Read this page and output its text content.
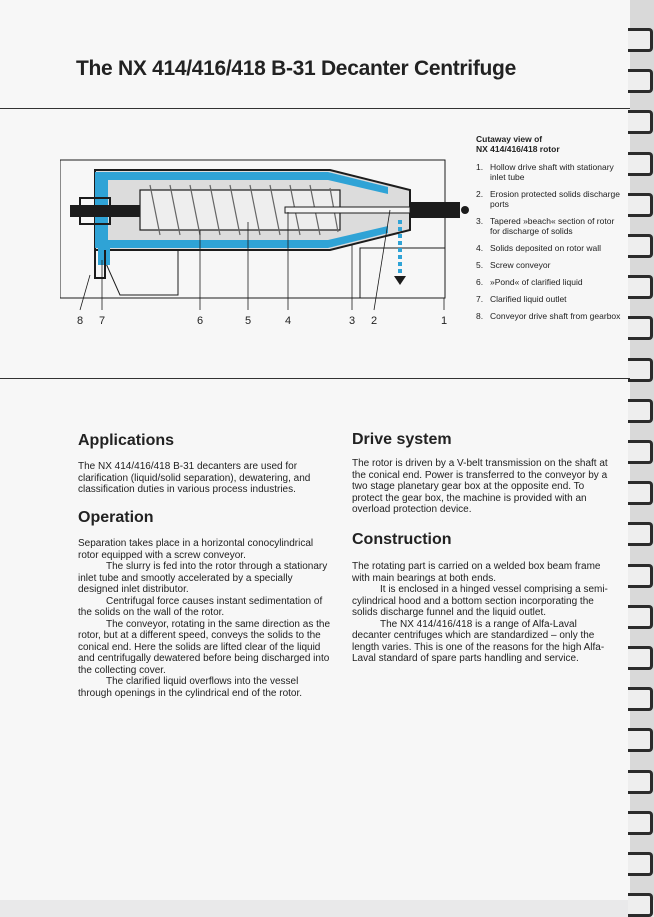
The NX 414/416/418 B-31 Decanter Centrifuge
8 7	6	5	4	3 2	1
Cutaway view of
NX 414/416/418 rotor
1. Hollow drive shaft with stationary inlet tube
2. Erosion protected solids discharge ports
3. Tapered »beach« section of rotor for discharge of solids
4. Solids deposited on rotor wall
5. Screw conveyor
6. »Pond« of clarified liquid
7. Clarified liquid outlet
8. Conveyor drive shaft from gearbox
Applications

The NX 414/416/418 B-31 decanters are used for clarification (liquid/solid separation), dewatering, and classification duties in various process industries.

Operation

Separation takes place in a horizontal conocylindrical rotor equipped with a screw conveyor.

The slurry is fed into the rotor through a stationary inlet tube and smootly accelerated by a specially designed inlet distributor.

Centrifugal force causes instant sedimentation of the solids on the wall of the rotor.

The conveyor, rotating in the same direction as the rotor, but at a different speed, conveys the solids to the conical end. Here the solids are lifted clear of the liquid and centrifugally dewatered before being discharged into the collecting cover.

The clarified liquid overflows into the vessel through openings in the cylindrical end of the rotor.

Drive system

The rotor is driven by a V-belt transmission on the shaft at the conical end. Power is transferred to the conveyor by a two stage planetary gear box at the opposite end. To protect the gear box, the machine is provided with an overload protection device.

Construction

The rotating part is carried on a welded box beam frame with main bearings at both ends.

It is enclosed in a hinged vessel comprising a semi-cylindrical hood and a bottom section incorporating the solids discharge funnel and the liquid outlet.

The NX 414/416/418 is a range of Alfa-Laval decanter centrifuges which are standardized – only the length varies. This is one of the reasons for the high Alfa-Laval standard of spare parts handling and service.
